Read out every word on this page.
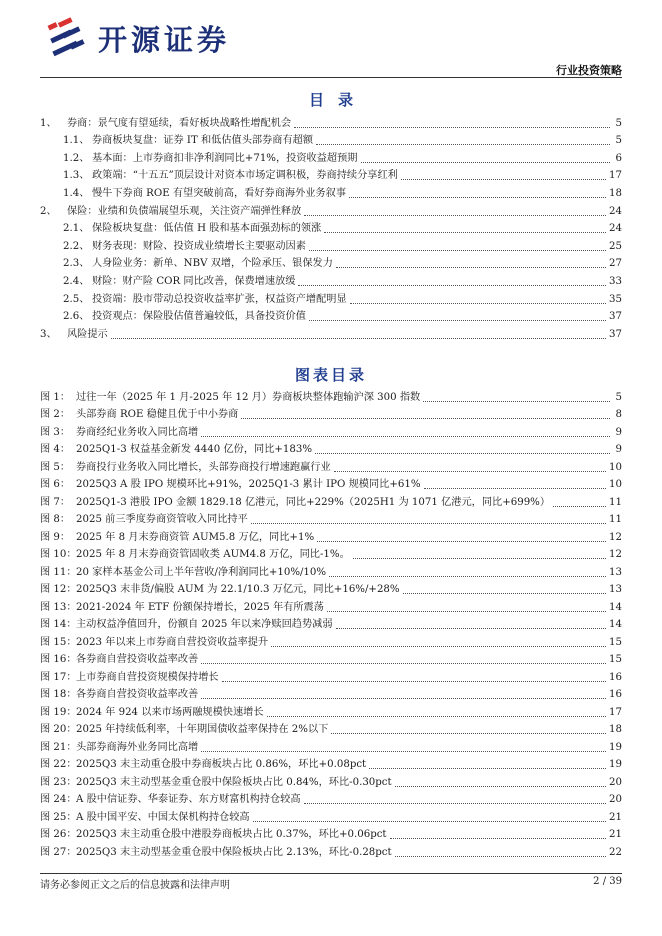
开源证券
行业投资策略
目录
1、	券商：景气度有望延续，看好板块战略性增配机会	5
1.1、 券商板块复盘：证券 IT 和低估值头部券商有超额	5
1.2、 基本面：上市券商扣非净利润同比+71%，投资收益超预期	6
1.3、 政策端：“十五五”顶层设计对资本市场定调积极，券商持续分享红利	17
1.4、 慢牛下券商 ROE 有望突破前高，看好券商海外业务叙事	18
2、	保险：业绩和负债端展望乐观，关注资产端弹性释放	24
2.1、 保险板块复盘：低估值 H 股和基本面强劲标的领涨	24
2.2、 财务表现：财险、投资成业绩增长主要驱动因素	25
2.3、 人身险业务：新单、NBV 双增，个险承压、银保发力	27
2.4、 财险：财产险 COR 同比改善，保费增速放缓	33
2.5、 投资端：股市带动总投资收益率扩张，权益资产增配明显	35
2.6、 投资观点：保险股估值普遍较低，具备投资价值	37
3、	风险提示	37
图表目录
图 1： 过往一年（2025 年 1 月-2025 年 12 月）券商板块整体跑输沪深 300 指数	5
图 2： 头部券商 ROE 稳健且优于中小券商	8
图 3： 券商经纪业务收入同比高增	9
图 4： 2025Q1-3 权益基金新发 4440 亿份，同比+183%	9
图 5： 券商投行业务收入同比增长，头部券商投行增速跑赢行业	10
图 6： 2025Q3 A 股 IPO 规模环比+91%，2025Q1-3 累计 IPO 规模同比+61%	10
图 7： 2025Q1-3 港股 IPO 金额 1829.18 亿港元，同比+229%（2025H1 为 1071 亿港元，同比+699%）	11
图 8： 2025 前三季度券商资管收入同比持平	11
图 9： 2025 年 8 月末券商资管 AUM5.8 万亿，同比+1%	12
图 10： 2025 年 8 月末券商资管固收类 AUM4.8 万亿，同比-1%。	12
图 11： 20 家样本基金公司上半年营收/净利润同比+10%/10%	13
图 12： 2025Q3 末非货/偏股 AUM 为 22.1/10.3 万亿元，同比+16%/+28%	13
图 13： 2021-2024 年 ETF 份额保持增长，2025 年有所震荡	14
图 14： 主动权益净值回升，份额自 2025 年以来净赎回趋势减弱	14
图 15： 2023 年以来上市券商自营投资收益率提升	15
图 16： 各券商自营投资收益率改善	15
图 17： 上市券商自营投资规模保持增长	16
图 18： 各券商自营投资收益率改善	16
图 19： 2024 年 924 以来市场两融规模快速增长	17
图 20： 2025 年持续低利率，十年期国债收益率保持在 2%以下	18
图 21： 头部券商海外业务同比高增	19
图 22： 2025Q3 末主动重仓股中券商板块占比 0.86%，环比+0.08pct	19
图 23： 2025Q3 末主动型基金重仓股中保险板块占比 0.84%，环比-0.30pct	20
图 24： A 股中信证券、华泰证券、东方财富机构持仓较高	20
图 25： A 股中国平安、中国太保机构持仓较高	21
图 26： 2025Q3 末主动重仓股中港股券商板块占比 0.37%，环比+0.06pct	21
图 27： 2025Q3 末主动型基金重仓股中保险板块占比 2.13%，环比-0.28pct	22
请务必参阅正文之后的信息披露和法律声明	2 / 39
